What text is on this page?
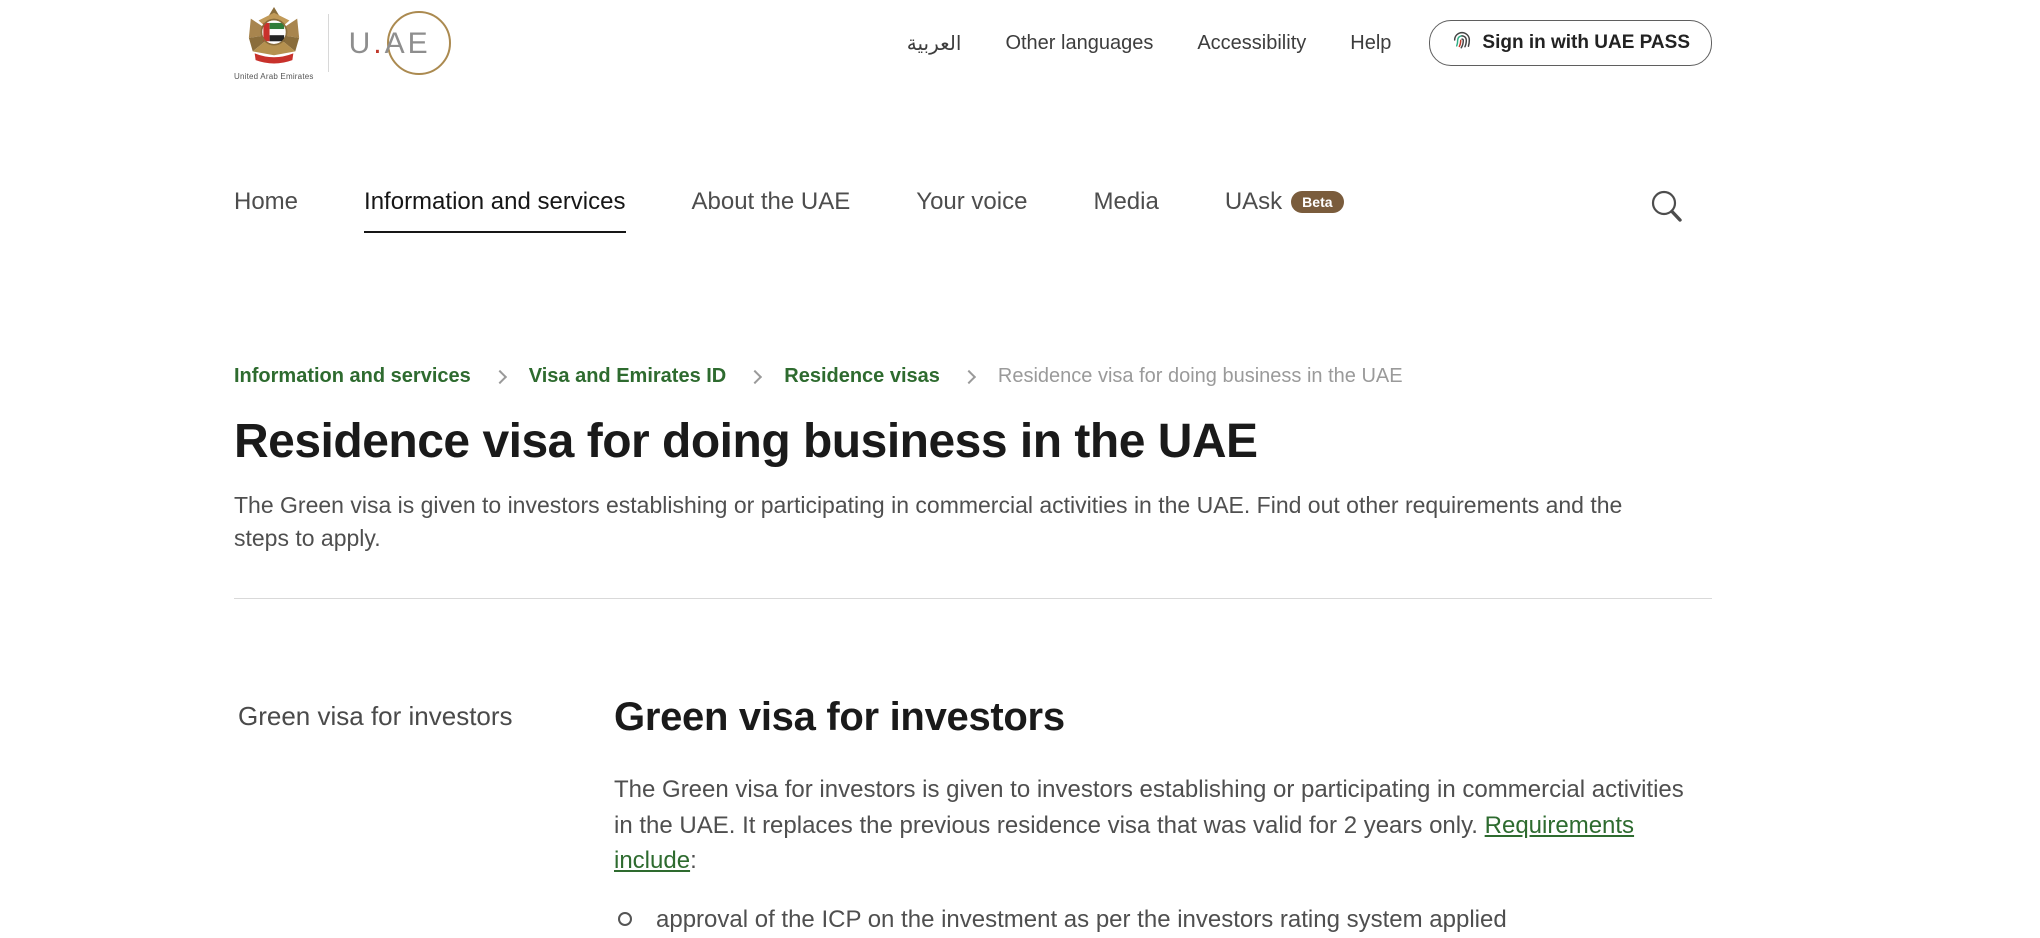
United Arab Emirates
U.AE	العربية Other languages Accessibility Help	Sign in with UAE PASS
Home	Information and services	About the UAE	Your voice	Media	UAsk	Beta
Information and services	Visa and Emirates ID	Residence visas	Residence visa for doing business in the UAE
Residence visa for doing business in the UAE

The Green visa is given to investors establishing or participating in commercial activities in the UAE. Find out other requirements and the steps to apply.

Green visa for investors	Green visa for investors

The Green visa for investors is given to investors establishing or participating in commercial activities in the UAE. It replaces the previous residence visa that was valid for 2 years only. Requirements include:

approval of the ICP on the investment as per the investors rating system applied
